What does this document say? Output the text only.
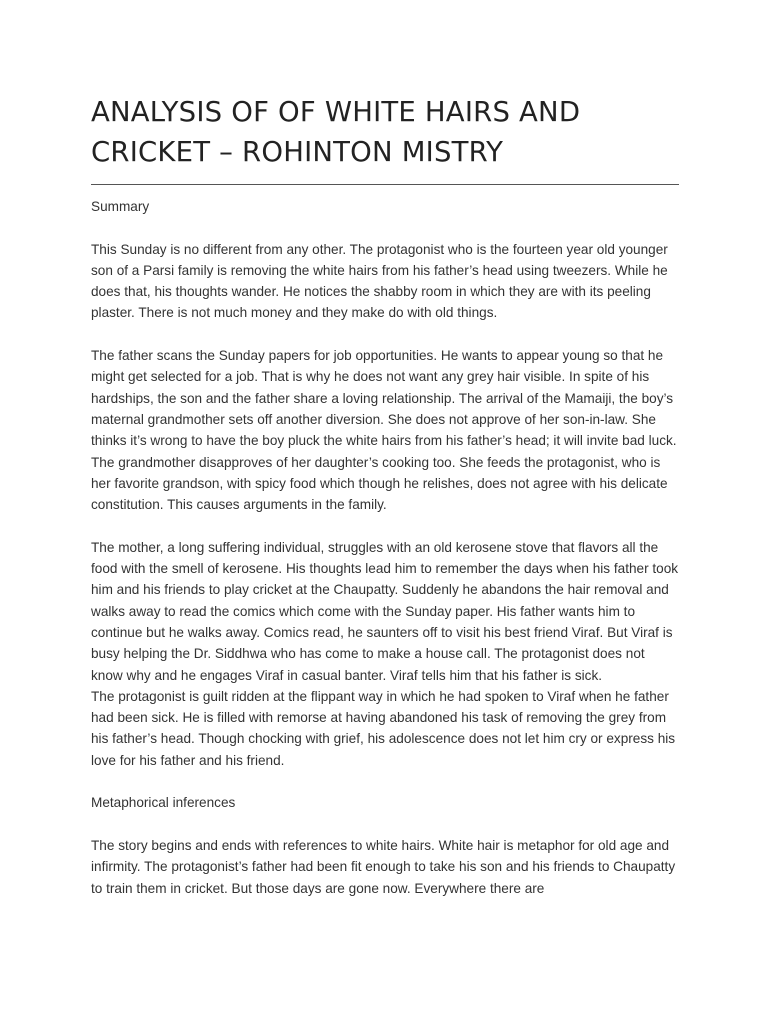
ANALYSIS OF OF WHITE HAIRS AND CRICKET – ROHINTON MISTRY

Summary

This Sunday is no different from any other. The protagonist who is the fourteen year old younger son of a Parsi family is removing the white hairs from his father’s head using tweezers. While he does that, his thoughts wander. He notices the shabby room in which they are with its peeling plaster. There is not much money and they make do with old things.

The father scans the Sunday papers for job opportunities. He wants to appear young so that he might get selected for a job. That is why he does not want any grey hair visible. In spite of his hardships, the son and the father share a loving relationship. The arrival of the Mamaiji, the boy’s maternal grandmother sets off another diversion. She does not approve of her son-in-law. She thinks it’s wrong to have the boy pluck the white hairs from his father’s head; it will invite bad luck. The grandmother disapproves of her daughter’s cooking too. She feeds the protagonist, who is her favorite grandson, with spicy food which though he relishes, does not agree with his delicate constitution. This causes arguments in the family.

The mother, a long suffering individual, struggles with an old kerosene stove that flavors all the food with the smell of kerosene. His thoughts lead him to remember the days when his father took him and his friends to play cricket at the Chaupatty. Suddenly he abandons the hair removal and walks away to read the comics which come with the Sunday paper. His father wants him to continue but he walks away. Comics read, he saunters off to visit his best friend Viraf. But Viraf is busy helping the Dr. Siddhwa who has come to make a house call. The protagonist does not know why and he engages Viraf in casual banter. Viraf tells him that his father is sick.

The protagonist is guilt ridden at the flippant way in which he had spoken to Viraf when he father had been sick. He is filled with remorse at having abandoned his task of removing the grey from his father’s head. Though chocking with grief, his adolescence does not let him cry or express his love for his father and his friend.

Metaphorical inferences

The story begins and ends with references to white hairs. White hair is metaphor for old age and infirmity. The protagonist’s father had been fit enough to take his son and his friends to Chaupatty to train them in cricket. But those days are gone now. Everywhere there are
